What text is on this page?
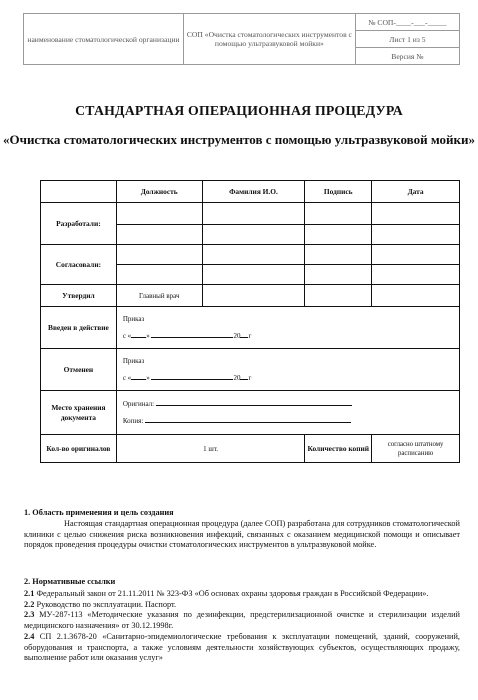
наименование стоматологической организации	СОП «Очистка стоматологических инструментов с помощью ультразвуковой мойки»	№ СОП-____-___-_____
Лист 1 из 5
Версия №
СТАНДАРТНАЯ ОПЕРАЦИОННАЯ ПРОЦЕДУРА
«Очистка стоматологических инструментов с помощью ультразвуковой мойки»
	Должность	Фамилия И.О.	Подпись	Дата
Разработали:				

Согласовали:				

Утвердил	Главный врач			
Введен в действие	Приказ
с « » 20 г			

Отменен	Приказ
с « » 20 г			

Место хранения документа	Оригинал:
Копия:			

Кол-во оригиналов	1 шт.		Количество копий	согласно штатному расписанию
1. Область применения и цель создания
Настоящая стандартная операционная процедура (далее СОП) разработана для сотрудников стоматологической клиники с целью снижения риска возникновения инфекций, связанных с оказанием медицинской помощи и описывает порядок проведения процедуры очистки стоматологических инструментов в ультразвуковой мойке.
2. Нормативные ссылки

2.1 Федеральный закон от 21.11.2011 № 323-ФЗ «Об основах охраны здоровья граждан в Российской Федерации».

2.2 Руководство по эксплуатации. Паспорт.

2.3 МУ-287-113 «Методические указания по дезинфекции, предстерилизационной очистке и стерилизации изделий медицинского назначения» от 30.12.1998г.

2.4 СП 2.1.3678-20 «Санитарно-эпидемиологические требования к эксплуатации помещений, зданий, сооружений, оборудования и транспорта, а также условиям деятельности хозяйствующих субъектов, осуществляющих продажу, выполнение работ или оказания услуг»
